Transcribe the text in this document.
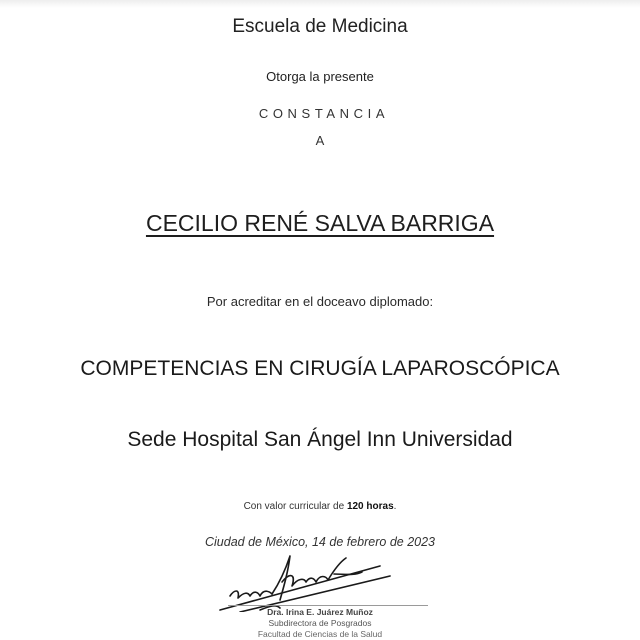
Escuela de Medicina
Otorga la presente
CONSTANCIA
A
CECILIO RENÉ SALVA BARRIGA
Por acreditar en el doceavo diplomado:
COMPETENCIAS EN CIRUGÍA LAPAROSCÓPICA
Sede Hospital San Ángel Inn Universidad
Con valor curricular de 120 horas.
Ciudad de México, 14 de febrero de 2023
Dra. Irina E. Juárez Muñoz
Subdirectora de Posgrados
Facultad de Ciencias de la Salud
